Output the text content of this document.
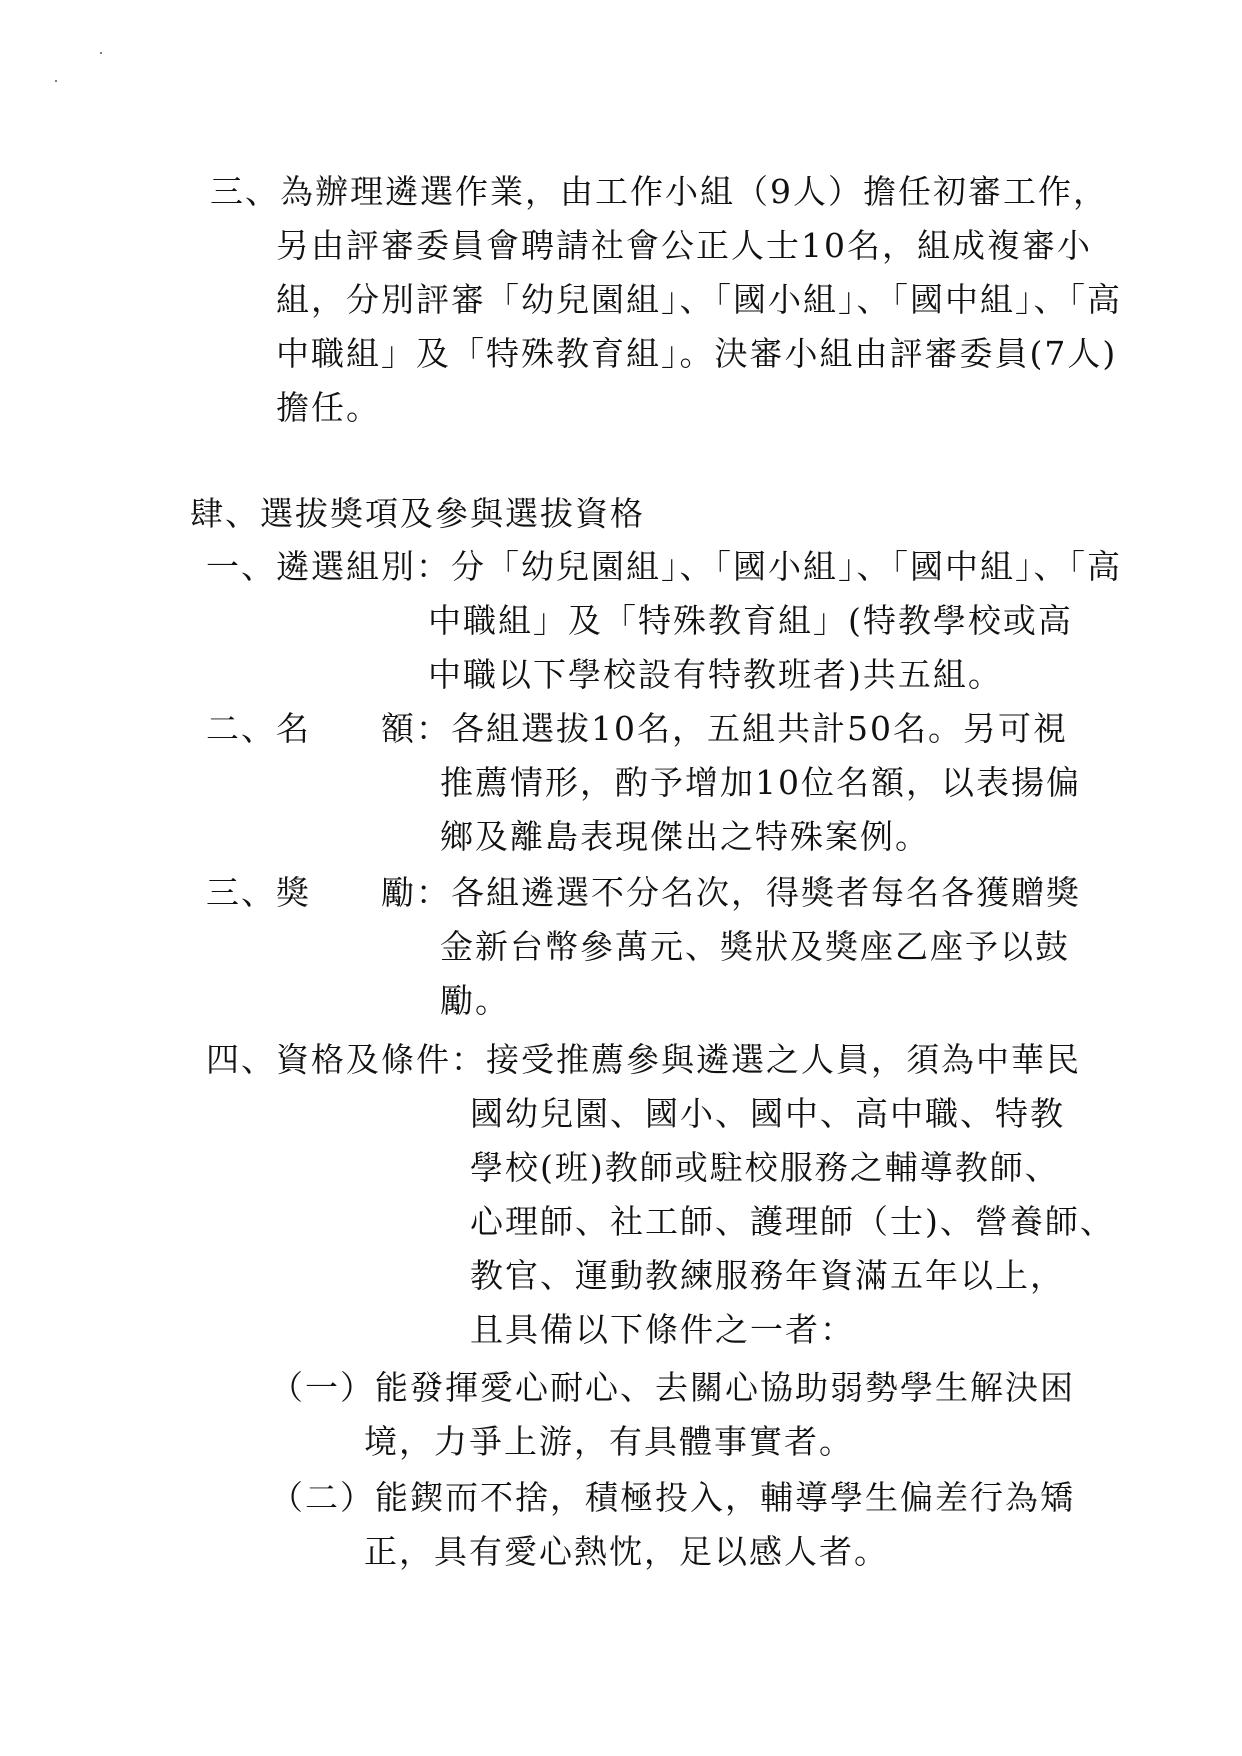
三、為辦理遴選作業，由工作小組（9人）擔任初審工作，
另由評審委員會聘請社會公正人士10名，組成複審小
組，分別評審「幼兒園組」、「國小組」、「國中組」、「高
中職組」及「特殊教育組」。決審小組由評審委員(7人)
擔任。
肆、選拔獎項及參與選拔資格
一、遴選組別：分「幼兒園組」、「國小組」、「國中組」、「高
中職組」及「特殊教育組」(特教學校或高
中職以下學校設有特教班者)共五組。
二、名　　額：各組選拔10名，五組共計50名。另可視
推薦情形，酌予增加10位名額，以表揚偏
鄉及離島表現傑出之特殊案例。
三、獎　　勵：各組遴選不分名次，得獎者每名各獲贈獎
金新台幣參萬元、獎狀及獎座乙座予以鼓
勵。
四、資格及條件：接受推薦參與遴選之人員，須為中華民
國幼兒園、國小、國中、高中職、特教
學校(班)教師或駐校服務之輔導教師、
心理師、社工師、護理師（士)、營養師、
教官、運動教練服務年資滿五年以上，
且具備以下條件之一者：
（一）能發揮愛心耐心、去關心協助弱勢學生解決困
境，力爭上游，有具體事實者。
（二）能鍥而不捨，積極投入，輔導學生偏差行為矯
正，具有愛心熱忱，足以感人者。
